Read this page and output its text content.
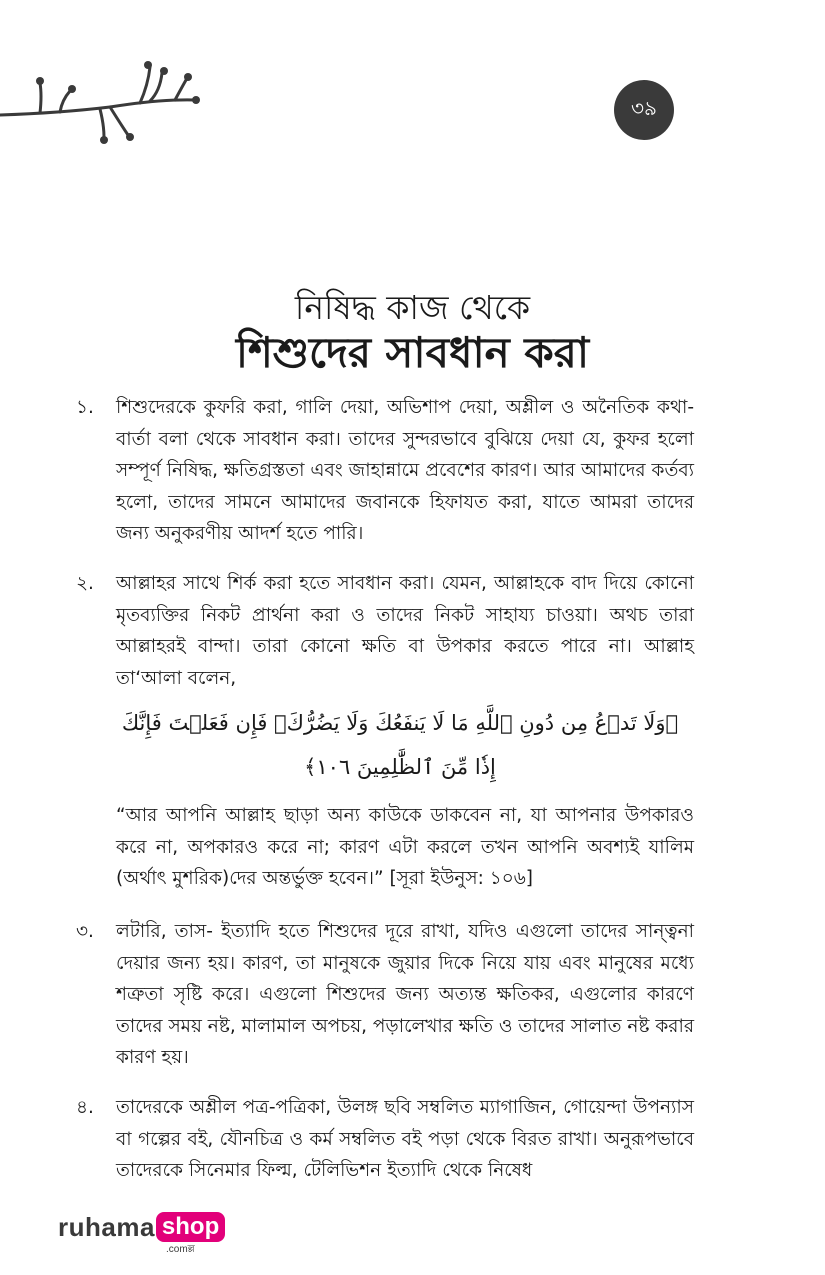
৩৯
নিষিদ্ধ কাজ থেকে
শিশুদের সাবধান করা
১.	শিশুদেরকে কুফরি করা, গালি দেয়া, অভিশাপ দেয়া, অশ্লীল ও অনৈতিক কথা-বার্তা বলা থেকে সাবধান করা। তাদের সুন্দরভাবে বুঝিয়ে দেয়া যে, কুফর হলো সম্পূর্ণ নিষিদ্ধ, ক্ষতিগ্রস্ততা এবং জাহান্নামে প্রবেশের কারণ। আর আমাদের কর্তব্য হলো, তাদের সামনে আমাদের জবানকে হিফাযত করা, যাতে আমরা তাদের জন্য অনুকরণীয় আদর্শ হতে পারি।
২.	আল্লাহর সাথে শির্ক করা হতে সাবধান করা। যেমন, আল্লাহকে বাদ দিয়ে কোনো মৃতব্যক্তির নিকট প্রার্থনা করা ও তাদের নিকট সাহায্য চাওয়া। অথচ তারা আল্লাহরই বান্দা। তারা কোনো ক্ষতি বা উপকার করতে পারে না। আল্লাহ তা‘আলা বলেন,
﴿وَلَا تَدۡعُ مِن دُونِ ٱللَّهِ مَا لَا يَنفَعُكَ وَلَا يَضُرُّكَۖ فَإِن فَعَلۡتَ فَإِنَّكَ
إِذٗا مِّنَ ٱلظَّٰلِمِينَ ١٠٦﴾
“আর আপনি আল্লাহ ছাড়া অন্য কাউকে ডাকবেন না, যা আপনার উপকারও করে না, অপকারও করে না; কারণ এটা করলে তখন আপনি অবশ্যই যালিম (অর্থাৎ মুশরিক)দের অন্তর্ভুক্ত হবেন।” [সূরা ইউনুস: ১০৬]
৩.	লটারি, তাস- ইত্যাদি হতে শিশুদের দূরে রাখা, যদিও এগুলো তাদের সান্ত্বনা দেয়ার জন্য হয়। কারণ, তা মানুষকে জুয়ার দিকে নিয়ে যায় এবং মানুষের মধ্যে শত্রুতা সৃষ্টি করে। এগুলো শিশুদের জন্য অত্যন্ত ক্ষতিকর, এগুলোর কারণে তাদের সময় নষ্ট, মালামাল অপচয়, পড়ালেখার ক্ষতি ও তাদের সালাত নষ্ট করার কারণ হয়।
৪.	তাদেরকে অশ্লীল পত্র-পত্রিকা, উলঙ্গ ছবি সম্বলিত ম্যাগাজিন, গোয়েন্দা উপন্যাস বা গল্পের বই, যৌনচিত্র ও কর্ম সম্বলিত বই পড়া থেকে বিরত রাখা। অনুরূপভাবে তাদেরকে সিনেমার ফিল্ম, টেলিভিশন ইত্যাদি থেকে নিষেধ
ruhama shop
.comল্ল
